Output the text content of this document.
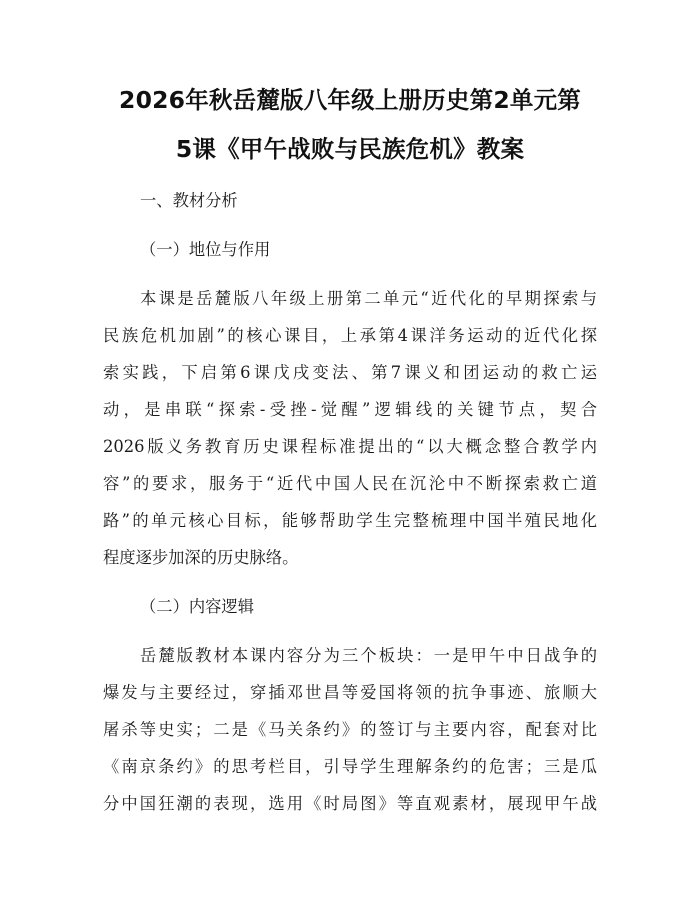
2026年秋岳麓版八年级上册历史第2单元第
5课《甲午战败与民族危机》教案
一、教材分析
（一）地位与作用
本课是岳麓版八年级上册第二单元“近代化的早期探索与
民族危机加剧”的核心课目，上承第4课洋务运动的近代化探
索实践，下启第6课戊戌变法、第7课义和团运动的救亡运
动，是串联“探索-受挫-觉醒”逻辑线的关键节点，契合
2026版义务教育历史课程标准提出的“以大概念整合教学内
容”的要求，服务于“近代中国人民在沉沦中不断探索救亡道
路”的单元核心目标，能够帮助学生完整梳理中国半殖民地化
程度逐步加深的历史脉络。
（二）内容逻辑
岳麓版教材本课内容分为三个板块：一是甲午中日战争的
爆发与主要经过，穿插邓世昌等爱国将领的抗争事迹、旅顺大
屠杀等史实；二是《马关条约》的签订与主要内容，配套对比
《南京条约》的思考栏目，引导学生理解条约的危害；三是瓜
分中国狂潮的表现，选用《时局图》等直观素材，展现甲午战
